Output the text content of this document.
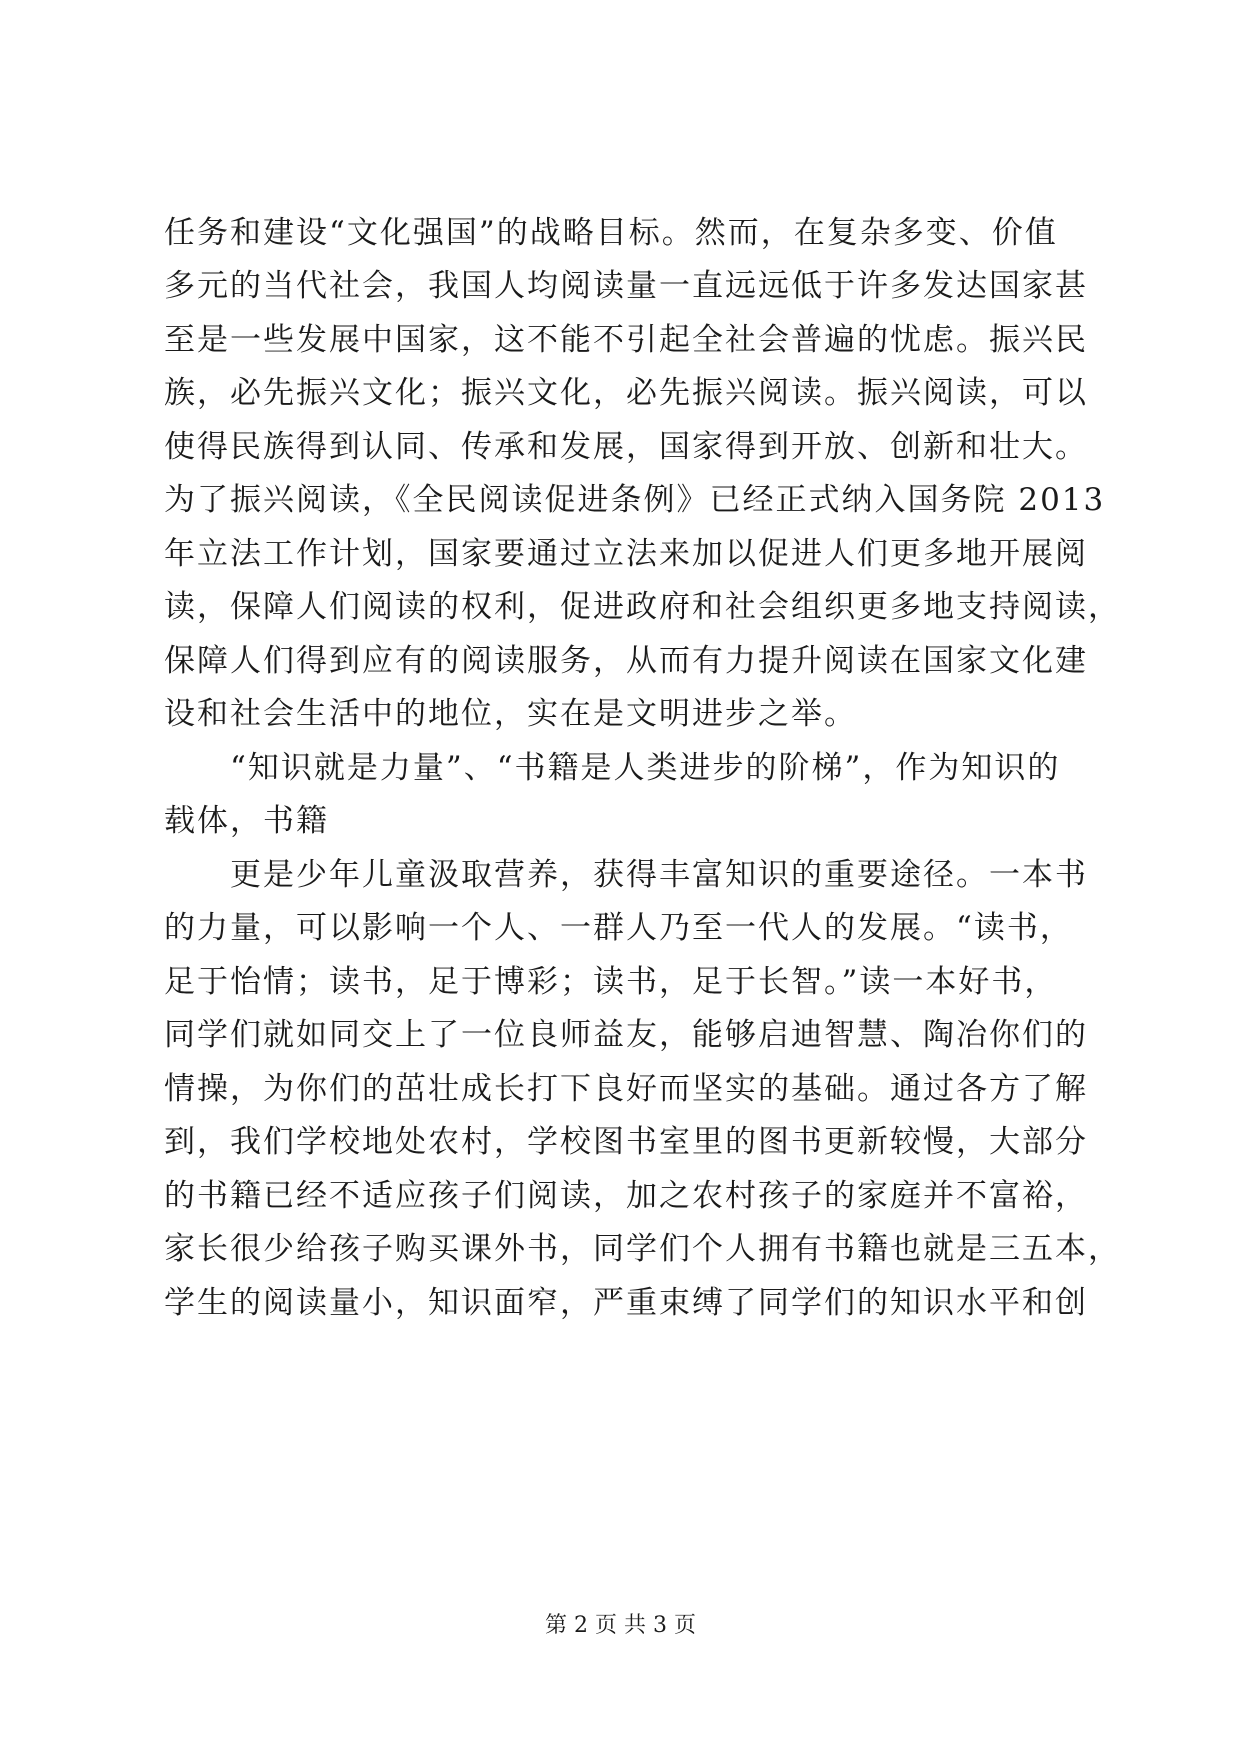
任务和建设“文化强国”的战略目标。然而，在复杂多变、价值
多元的当代社会，我国人均阅读量一直远远低于许多发达国家甚
至是一些发展中国家，这不能不引起全社会普遍的忧虑。振兴民
族，必先振兴文化；振兴文化，必先振兴阅读。振兴阅读，可以
使得民族得到认同、传承和发展，国家得到开放、创新和壮大。
为了振兴阅读，《全民阅读促进条例》已经正式纳入国务院 2013
年立法工作计划，国家要通过立法来加以促进人们更多地开展阅
读，保障人们阅读的权利，促进政府和社会组织更多地支持阅读，
保障人们得到应有的阅读服务，从而有力提升阅读在国家文化建
设和社会生活中的地位，实在是文明进步之举。
　　“知识就是力量”、“书籍是人类进步的阶梯”，作为知识的
载体，书籍
　　更是少年儿童汲取营养，获得丰富知识的重要途径。一本书
的力量，可以影响一个人、一群人乃至一代人的发展。“读书，
足于怡情；读书，足于博彩；读书，足于长智。”读一本好书，
同学们就如同交上了一位良师益友，能够启迪智慧、陶冶你们的
情操，为你们的茁壮成长打下良好而坚实的基础。通过各方了解
到，我们学校地处农村，学校图书室里的图书更新较慢，大部分
的书籍已经不适应孩子们阅读，加之农村孩子的家庭并不富裕，
家长很少给孩子购买课外书，同学们个人拥有书籍也就是三五本，
学生的阅读量小，知识面窄，严重束缚了同学们的知识水平和创
第 2 页 共 3 页
